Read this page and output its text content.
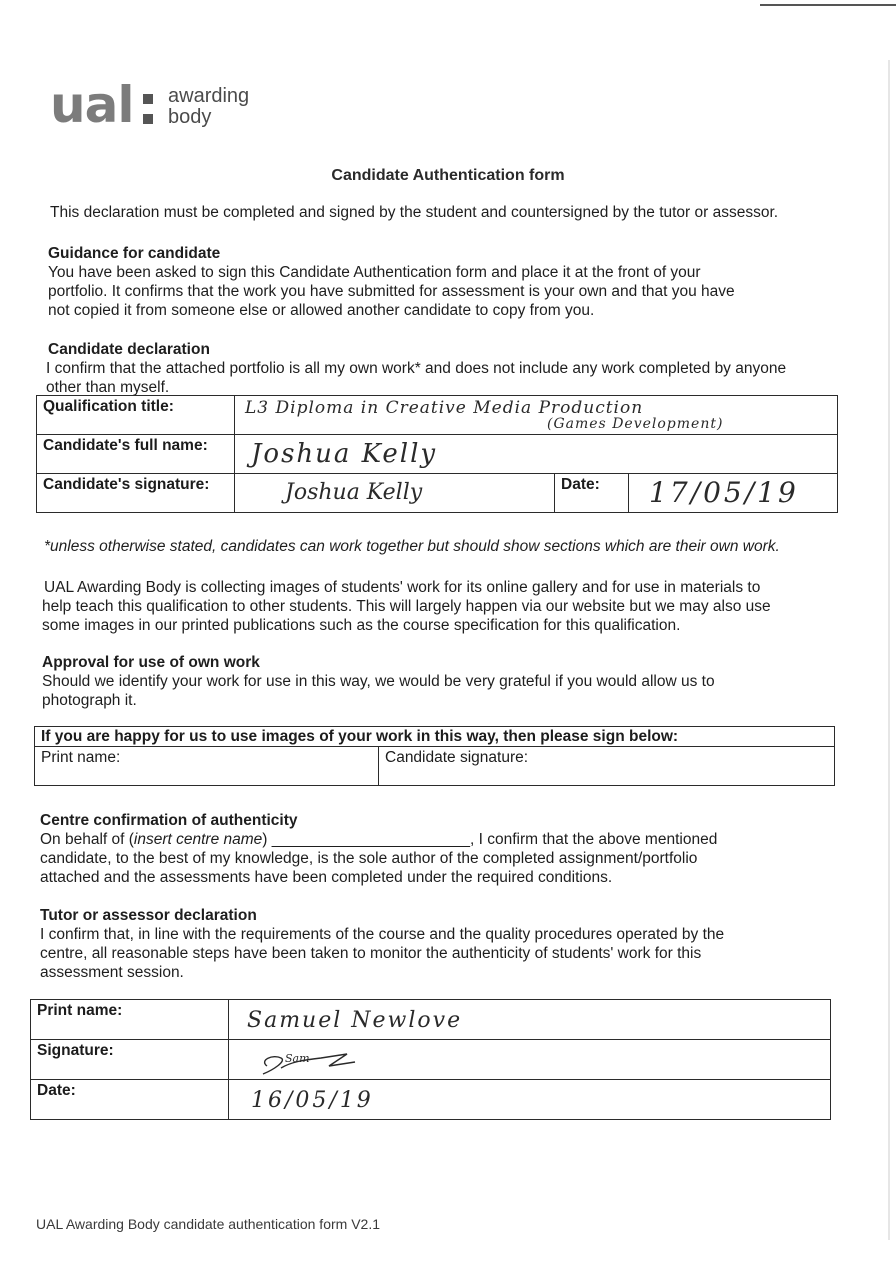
ual awarding
body
Candidate Authentication form
This declaration must be completed and signed by the student and countersigned by the tutor or assessor.
Guidance for candidate
You have been asked to sign this Candidate Authentication form and place it at the front of your
portfolio. It confirms that the work you have submitted for assessment is your own and that you have
not copied it from someone else or allowed another candidate to copy from you.
Candidate declaration
I confirm that the attached portfolio is all my own work* and does not include any work completed by anyone
other than myself.
Qualification title:	L3 Diploma in Creative Media Production
(Games Development)		

Candidate's full name:	Joshua Kelly		

Candidate's signature:	Joshua Kelly	Date:	17/05/19
*unless otherwise stated, candidates can work together but should show sections which are their own work.
UAL Awarding Body is collecting images of students' work for its online gallery and for use in materials to
help teach this qualification to other students. This will largely happen via our website but we may also use
some images in our printed publications such as the course specification for this qualification.
Approval for use of own work
Should we identify your work for use in this way, we would be very grateful if you would allow us to
photograph it.
If you are happy for us to use images of your work in this way, then please sign below:
Print name:	Candidate signature:
Centre confirmation of authenticity
On behalf of (insert centre name) _______________________, I confirm that the above mentioned
candidate, to the best of my knowledge, is the sole author of the completed assignment/portfolio
attached and the assessments have been completed under the required conditions.
Tutor or assessor declaration
I confirm that, in line with the requirements of the course and the quality procedures operated by the
centre, all reasonable steps have been taken to monitor the authenticity of students' work for this
assessment session.
Print name:	Samuel Newlove

Signature:	Sam

Date:	16/05/19
UAL Awarding Body candidate authentication form V2.1
